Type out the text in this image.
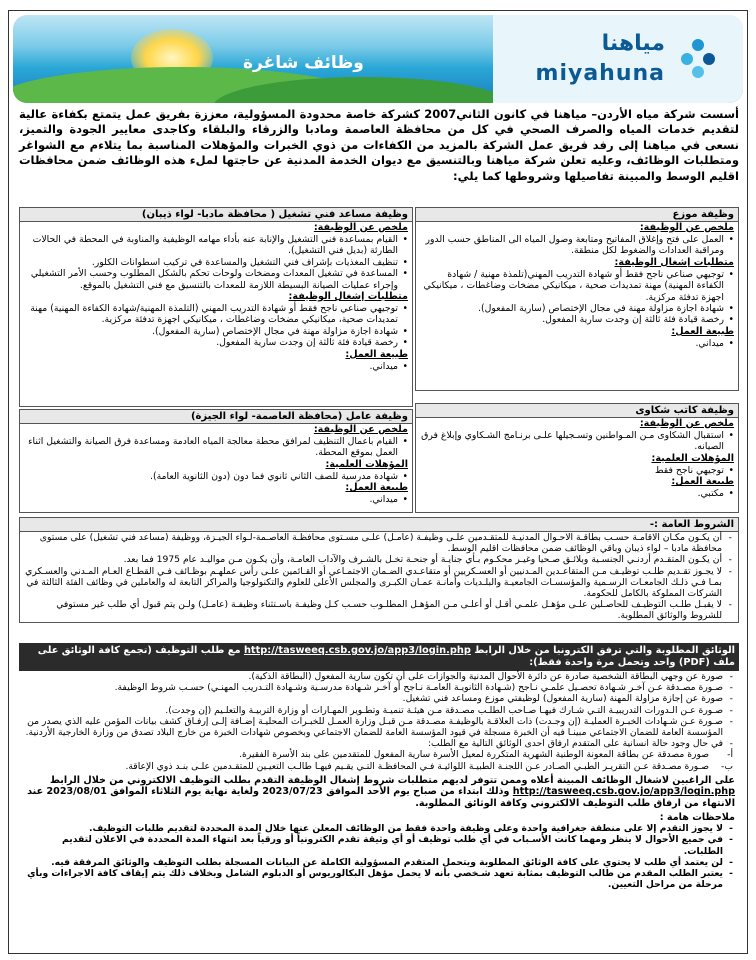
وظائف شاغرة
مياهنا
miyahuna
أسست شركة مياه الأردن– مياهنا في كانون الثاني2007 كشركة خاصة محدودة المسؤولية، معززة بفريق عمل يتمتع بكفاءة عالية لتقديم خدمات المياه والصرف الصحي في كل من محافظة العاصمة ومادبا والزرقاء والبلقاء وكاجدى معايير الجودة والتميز، نسعى في مياهنا إلى رفد فريق عمل الشركة بالمزيد من الكفاءات من ذوي الخبرات والمؤهلات المناسبة بما يتلاءم مع الشواغر ومتطلبات الوظائف، وعليه تعلن شركة مياهنا وبالتنسيق مع ديوان الخدمة المدنية عن حاجتها لملء هذه الوظائف ضمن محافظات اقليم الوسط والمبينة تفاصيلها وشروطها كما يلي:
وظيفة موزع
ملخص عن الوظيفة:
• العمل على فتح وإغلاق المفاتيح ومتابعة وصول المياه الى المناطق حسب الدور ومراقبة العدادات والضغوط لكل منطقة.
متطلبات إشغال الوظيفة:
• توجيهي صناعي ناجح فقط أو شهادة التدريب المهني(تلمذة مهنية / شهادة الكفاءة المهنية) مهنة تمديدات صحية ، ميكانيكي مضخات وضاغطات ، ميكانيكي اجهزة تدفئة مركزية.
• شهادة اجازة مزاولة مهنة في مجال الإختصاص (سارية المفعول).
• رخصة قيادة فئة ثالثة إن وجدت سارية المفعول.
طبيعة العمل:
• ميداني.
وظيفة مساعد فني تشغيل ( محافظة مادبا- لواء ذيبان)
ملخص عن الوظيفة:
• القيام بمساعدة فني التشغيل والإنابة عنه بأداء مهامه الوظيفية والمناوبة في المحطة في الحالات الطارئة (بديل فني التشغيل).
• تنظيف المغذيات بإشراف فني التشغيل والمساعدة في تركيب اسطوانات الكلور.
• المساعدة في تشغيل المعدات ومضخات ولوحات تحكم بالشكل المطلوب وحسب الأمر التشغيلي وإجراء عمليات الصيانة البسيطة اللازمة للمعدات بالتنسيق مع فني التشغيل بالموقع.
متطلبات إشغال الوظيفة:
• توجيهي صناعي ناجح فقط أو شهادة التدريب المهني (التلمذة المهنية/شهادة الكفاءة المهنية) مهنة تمديدات صحية، ميكانيكي مضخات وضاغطات ، ميكانيكي اجهزة تدفئة مركزية.
• شهادة اجازة مزاولة مهنة في مجال الإختصاص (سارية المفعول).
• رخصة قيادة فئة ثالثة إن وجدت سارية المفعول.
طبيعة العمل:
• ميداني.
وظيفة كاتب شكاوى
ملخص عن الوظيفة:
• استقبال الشكاوى مـن المـواطنين وتسـجيلها علـى برنـامج الشـكاوي وإبلاغ فرق الصيانه.
المؤهلات العلمية:
• توجيهي ناجح فقط
طبيعة العمل:
• مكتبي.
وظيفة عامل (محافظة العاصمة- لواء الجيزة)
ملخص عن الوظيفة:
• القيام باعمال التنظيف لمرافق محطة معالجة المياه العادمة ومساعدة فرق الصيانة والتشغيل اثناء العمل بموقع المحطة.
المؤهلات العلمية:
• شهادة مدرسية للصف الثاني ثانوي فما دون (دون الثانوية العامة).
طبيعة العمل:
• ميداني.
الشروط العامة :-
- أن يكـون مكـان الاقامـة حسـب بطاقـة الاحـوال المدنيـة للمتقـدمين علـى وظيفـة (عامـل) علـى مسـتوى محافظـة العاصـمة-لـواء الجيـزة، ووظيفة (مساعد فني تشغيل) على مستوى محافظة مادبا – لواء ذيبان وباقي الوظائف ضمن محافظات اقليم الوسط.
- أن يكـون المتقـدم أردنـي الجنسـية وبلائـق صـحيا وغيـر محكـوم بـأي جنايـة أو جنحـة تخـل بالشـرف والآداب العامـة، وأن يكـون مـن مواليـد عام 1975 فما بعد.
- لا يجـوز تقـديم طلـب توظيـف مـن المتقاعـدين المـدنيين أو العسـكريين أو متقاعـدي الضـمان الاجتمـاعي أو القـائمين علـى رأس عملهـم بوظـائف فـي القطـاع العـام المـدني والعسـكري بمـا فـي ذلـك الجامعـات الرسـمية والمؤسسـات الجامعيـة والبلـديات وأمانـة عمـان الكبـرى والمجلس الأعلى للعلوم والتكنولوجيا والمراكز التابعة له والعاملين في وظائف الفئة الثالثة في الشركات المملوكة بالكامل للحكومة.
- لا يقبـل طلـب التوظيـف للحاصـلين علـى مؤهـل علمـي أقـل أو أعلـى مـن المؤهـل المطلـوب حسـب كـل وظيفـة باسـتثناء وظيفـة (عامـل) ولـن يتم قبول أي طلب غير مستوفي للشروط والوثائق المطلوبة.
الوثائق المطلوبة والتي ترفق الكترونيا من خلال الرابط http://tasweeq.csb.gov.jo/app3/login.php مع طلب التوظيف (تجمع كافة الوثائق على ملف (PDF) واحد وتحمل مرة واحدة فقط):
- صورة عن وجهي البطاقة الشخصية صادرة عن دائرة الأحوال المدنية والجوازات على أن تكون سارية المفعول (البطاقة الذكية).
- صـورة مصـدقة عـن آخـر شـهادة تحصـيل علمـي نـاجح (شـهادة الثانويـة العامـة نـاجح أو آخـر شـهادة مدرسـية وشـهادة التـدريب المهنـي) حسـب شروط الوظيفة.
- صورة عن إجازة مزاولة المهنة (سارية المفعول) لوظيفتي موزع ومساعد فني تشغيل.
- صـورة عـن الـدورات التدريبيـة التـي شـارك فيهـا صـاحب الطلـب مصـدقة مـن هيئـة تنميـة وتطـوير المهـارات أو وزارة التربيـة والتعلـيم (إن وجدت).
- صـورة عـن شـهادات الخبـرة العمليـة (إن وجـدت) ذات العلاقـة بالوظيفـة مصـدقة مـن قبـل وزارة العمـل للخبـرات المحليـة إضـافة إلـى إرفـاق كشف بيانات المؤمن عليه الذي يصدر من المؤسسة العامة للضمان الاجتماعي مبينـا فيه أن الخبرة مسجلة في قيود المؤسسة العامة للضمان الاجتماعي وبخصوص شهادات الخبرة من خارج البلاد تصدق من وزارة الخارجية الأردنية.
- في حال وجود حالة انسانية على المتقدم ارفاق احدى الوثائق التالية مع الطلب:
أ-
صورة مصدقة عن بطاقة المعونة الوطنية الشهرية المتكررة لمعيل الأسرة سارية المفعول للمتقدمين على بند الأسرة الفقيرة.
ب-
صـورة مصـدقة عـن التقريـر الطبـي الصـادر عـن اللجنـة الطبيـة اللوائيـة فـي المحافظـة التـي يقـيم فيهـا طالـب التعيـين للمتقـدمين علـى بنـد ذوي الإعاقة.
على الراغبين لاشغال الوظائف المبينة أعلاه وممن تتوفر لديهم متطلبات شروط إشغال الوظيفة التقدم بطلب التوظيف الالكتروني من خلال الرابط http://tasweeq.csb.gov.jo/app3/login.php وذلك ابتداء من صباح يوم الأحد الموافق 2023/07/23 ولغاية نهاية يوم الثلاثاء الموافق 2023/08/01 عند الانتهاء من ارفاق طلب التوظيف الالكتروني وكافة الوثائق المطلوبة.
ملاحظات هامة :
- لا يجوز التقدم إلا على منطقة جغرافية واحدة وعلى وظيفة واحدة فقط من الوظائف المعلن عنها خلال المدة المحددة لتقديم طلبات التوظيف.
- في جميع الأحوال لا ينظر ومهما كانت الأسـباب في أي طلب توظيف أو أي وثيقة تقدم الكترونياً أو ورقياً بعد انتهاء المدة المحددة في الاعلان لتقديم الطلبات.
- لن يعتمد أي طلب لا يحتوي على كافة الوثائق المطلوبة ويتحمل المتقدم المسؤولية الكاملة عن البيانات المسجلة بطلب التوظيف والوثائق المرفقة فيه.
- يعتبر الطلب المقدم من طالب التوظيف بمثابة تعهد شـخصي بأنه لا يحمل مؤهل البكالوريوس أو الدبلوم الشامل وبخلاف ذلك يتم إيقاف كافة الاجراءات وبأي مرحلة من مراحل التعيين.
